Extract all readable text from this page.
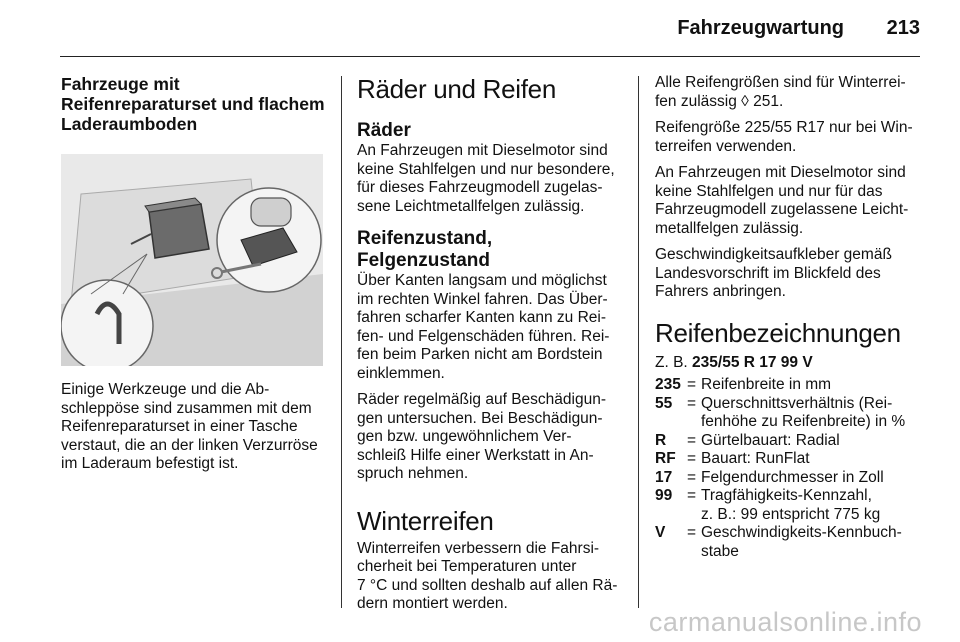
Fahrzeugwartung 213
Fahrzeuge mit
Reifenreparaturset und flachem
Laderaumboden

Einige Werkzeuge und die Ab-
schleppöse sind zusammen mit dem
Reifenreparaturset in einer Tasche
verstaut, die an der linken Verzurröse
im Laderaum befestigt ist.

Räder und Reifen
Räder

An Fahrzeugen mit Dieselmotor sind
keine Stahlfelgen und nur besondere,
für dieses Fahrzeugmodell zugelas-
sene Leichtmetallfelgen zulässig.

Reifenzustand, Felgenzustand

Über Kanten langsam und möglichst
im rechten Winkel fahren. Das Über-
fahren scharfer Kanten kann zu Rei-
fen- und Felgenschäden führen. Rei-
fen beim Parken nicht am Bordstein
einklemmen.

Räder regelmäßig auf Beschädigun-
gen untersuchen. Bei Beschädigun-
gen bzw. ungewöhnlichem Ver-
schleiß Hilfe einer Werkstatt in An-
spruch nehmen.

Winterreifen

Winterreifen verbessern die Fahrsi-
cherheit bei Temperaturen unter
7 °C und sollten deshalb auf allen Rä-
dern montiert werden.

Alle Reifengrößen sind für Winterrei-
fen zulässig ◊ 251.

Reifengröße 225/55 R17 nur bei Win-
terreifen verwenden.

An Fahrzeugen mit Dieselmotor sind
keine Stahlfelgen und nur für das
Fahrzeugmodell zugelassene Leicht-
metallfelgen zulässig.

Geschwindigkeitsaufkleber gemäß
Landesvorschrift im Blickfeld des
Fahrers anbringen.

Reifenbezeichnungen

Z. B. 235/55 R 17 99 V

235 = Reifenbreite in mm
55 = Querschnittsverhältnis (Rei-
fenhöhe zu Reifenbreite) in %
R	= Gürtelbauart: Radial
RF = Bauart: RunFlat
17 = Felgendurchmesser in Zoll
99 = Tragfähigkeits-Kennzahl,
z. B.: 99 entspricht 775 kg
V	= Geschwindigkeits-Kennbuch-
stabe
carmanualsonline.info
